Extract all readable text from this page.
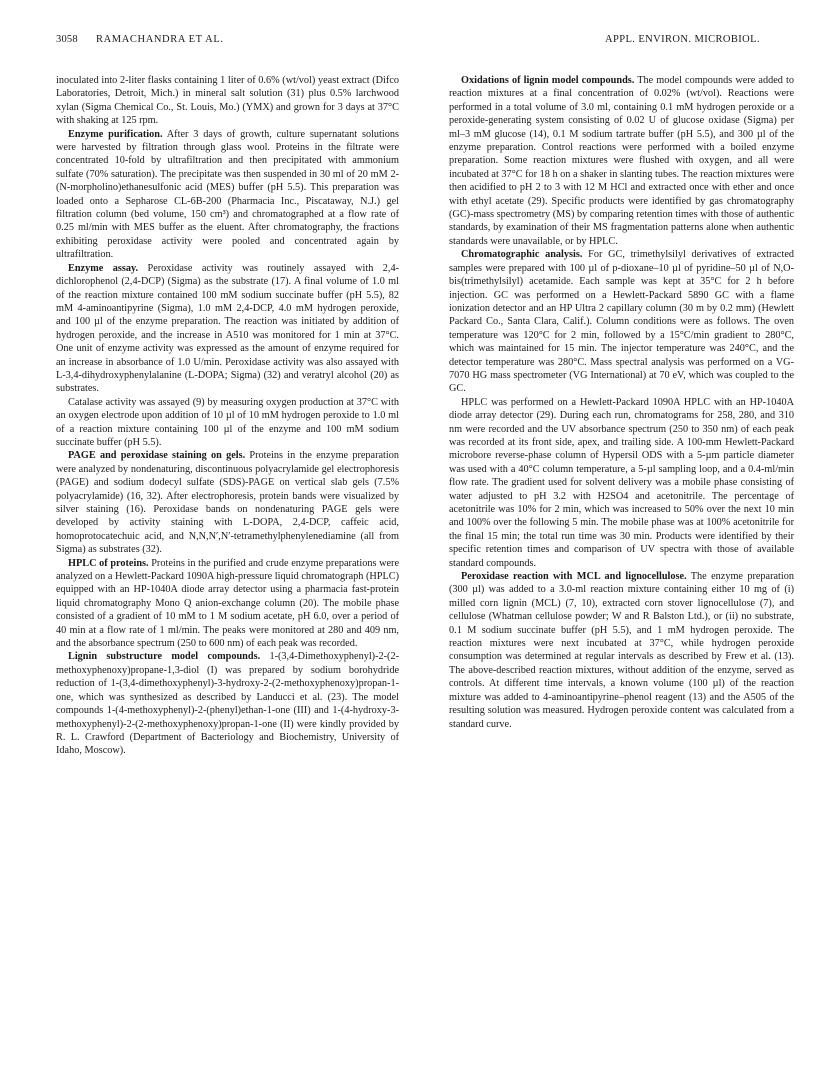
3058 RAMACHANDRA ET AL.	APPL. ENVIRON. MICROBIOL.

inoculated into 2-liter flasks containing 1 liter of 0.6% (wt/vol) yeast extract (Difco Laboratories, Detroit, Mich.) in mineral salt solution (31) plus 0.5% larchwood xylan (Sigma Chemical Co., St. Louis, Mo.) (YMX) and grown for 3 days at 37°C with shaking at 125 rpm.

Enzyme purification. After 3 days of growth, culture supernatant solutions were harvested by filtration through glass wool. Proteins in the filtrate were concentrated 10-fold by ultrafiltration and then precipitated with ammonium sulfate (70% saturation). The precipitate was then suspended in 30 ml of 20 mM 2-(N-morpholino)ethanesulfonic acid (MES) buffer (pH 5.5). This preparation was loaded onto a Sepharose CL-6B-200 (Pharmacia Inc., Piscataway, N.J.) gel filtration column (bed volume, 150 cm³) and chromatographed at a flow rate of 0.25 ml/min with MES buffer as the eluent. After chromatography, the fractions exhibiting peroxidase activity were pooled and concentrated again by ultrafiltration.

Enzyme assay. Peroxidase activity was routinely assayed with 2,4-dichlorophenol (2,4-DCP) (Sigma) as the substrate (17). A final volume of 1.0 ml of the reaction mixture contained 100 mM sodium succinate buffer (pH 5.5), 82 mM 4-aminoantipyrine (Sigma), 1.0 mM 2,4-DCP, 4.0 mM hydrogen peroxide, and 100 µl of the enzyme preparation. The reaction was initiated by addition of hydrogen peroxide, and the increase in A510 was monitored for 1 min at 37°C. One unit of enzyme activity was expressed as the amount of enzyme required for an increase in absorbance of 1.0 U/min. Peroxidase activity was also assayed with L-3,4-dihydroxyphenylalanine (L-DOPA; Sigma) (32) and veratryl alcohol (20) as substrates.

Catalase activity was assayed (9) by measuring oxygen production at 37°C with an oxygen electrode upon addition of 10 µl of 10 mM hydrogen peroxide to 1.0 ml of a reaction mixture containing 100 µl of the enzyme and 100 mM sodium succinate buffer (pH 5.5).

PAGE and peroxidase staining on gels. Proteins in the enzyme preparation were analyzed by nondenaturing, discontinuous polyacrylamide gel electrophoresis (PAGE) and sodium dodecyl sulfate (SDS)-PAGE on vertical slab gels (7.5% polyacrylamide) (16, 32). After electrophoresis, protein bands were visualized by silver staining (16). Peroxidase bands on nondenaturing PAGE gels were developed by activity staining with L-DOPA, 2,4-DCP, caffeic acid, homoprotocatechuic acid, and N,N,N′,N′-tetramethylphenylenediamine (all from Sigma) as substrates (32).

HPLC of proteins. Proteins in the purified and crude enzyme preparations were analyzed on a Hewlett-Packard 1090A high-pressure liquid chromatograph (HPLC) equipped with an HP-1040A diode array detector using a pharmacia fast-protein liquid chromatography Mono Q anion-exchange column (20). The mobile phase consisted of a gradient of 10 mM to 1 M sodium acetate, pH 6.0, over a period of 40 min at a flow rate of 1 ml/min. The peaks were monitored at 280 and 409 nm, and the absorbance spectrum (250 to 600 nm) of each peak was recorded.

Lignin substructure model compounds. 1-(3,4-Dimethoxyphenyl)-2-(2-methoxyphenoxy)propane-1,3-diol (I) was prepared by sodium borohydride reduction of 1-(3,4-dimethoxyphenyl)-3-hydroxy-2-(2-methoxyphenoxy)propan-1-one, which was synthesized as described by Landucci et al. (23). The model compounds 1-(4-methoxyphenyl)-2-(phenyl)ethan-1-one (III) and 1-(4-hydroxy-3-methoxyphenyl)-2-(2-methoxyphenoxy)propan-1-one (II) were kindly provided by R. L. Crawford (Department of Bacteriology and Biochemistry, University of Idaho, Moscow).

Oxidations of lignin model compounds. The model compounds were added to reaction mixtures at a final concentration of 0.02% (wt/vol). Reactions were performed in a total volume of 3.0 ml, containing 0.1 mM hydrogen peroxide or a peroxide-generating system consisting of 0.02 U of glucose oxidase (Sigma) per ml–3 mM glucose (14), 0.1 M sodium tartrate buffer (pH 5.5), and 300 µl of the enzyme preparation. Control reactions were performed with a boiled enzyme preparation. Some reaction mixtures were flushed with oxygen, and all were incubated at 37°C for 18 h on a shaker in slanting tubes. The reaction mixtures were then acidified to pH 2 to 3 with 12 M HCl and extracted once with ether and once with ethyl acetate (29). Specific products were identified by gas chromatography (GC)-mass spectrometry (MS) by comparing retention times with those of authentic standards, by examination of their MS fragmentation patterns alone when authentic standards were unavailable, or by HPLC.

Chromatographic analysis. For GC, trimethylsilyl derivatives of extracted samples were prepared with 100 µl of p-dioxane–10 µl of pyridine–50 µl of N,O-bis(trimethylsilyl) acetamide. Each sample was kept at 35°C for 2 h before injection. GC was performed on a Hewlett-Packard 5890 GC with a flame ionization detector and an HP Ultra 2 capillary column (30 m by 0.2 mm) (Hewlett Packard Co., Santa Clara, Calif.). Column conditions were as follows. The oven temperature was 120°C for 2 min, followed by a 15°C/min gradient to 280°C, which was maintained for 15 min. The injector temperature was 240°C, and the detector temperature was 280°C. Mass spectral analysis was performed on a VG-7070 HG mass spectrometer (VG International) at 70 eV, which was coupled to the GC.

HPLC was performed on a Hewlett-Packard 1090A HPLC with an HP-1040A diode array detector (29). During each run, chromatograms for 258, 280, and 310 nm were recorded and the UV absorbance spectrum (250 to 350 nm) of each peak was recorded at its front side, apex, and trailing side. A 100-mm Hewlett-Packard microbore reverse-phase column of Hypersil ODS with a 5-µm particle diameter was used with a 40°C column temperature, a 5-µl sampling loop, and a 0.4-ml/min flow rate. The gradient used for solvent delivery was a mobile phase consisting of water adjusted to pH 3.2 with H2SO4 and acetonitrile. The percentage of acetonitrile was 10% for 2 min, which was increased to 50% over the next 10 min and 100% over the following 5 min. The mobile phase was at 100% acetonitrile for the final 15 min; the total run time was 30 min. Products were identified by their specific retention times and comparison of UV spectra with those of available standard compounds.

Peroxidase reaction with MCL and lignocellulose. The enzyme preparation (300 µl) was added to a 3.0-ml reaction mixture containing either 10 mg of (i) milled corn lignin (MCL) (7, 10), extracted corn stover lignocellulose (7), and cellulose (Whatman cellulose powder; W and R Balston Ltd.), or (ii) no substrate, 0.1 M sodium succinate buffer (pH 5.5), and 1 mM hydrogen peroxide. The reaction mixtures were next incubated at 37°C, while hydrogen peroxide consumption was determined at regular intervals as described by Frew et al. (13). The above-described reaction mixtures, without addition of the enzyme, served as controls. At different time intervals, a known volume (100 µl) of the reaction mixture was added to 4-aminoantipyrine–phenol reagent (13) and the A505 of the resulting solution was measured. Hydrogen peroxide content was calculated from a standard curve.
